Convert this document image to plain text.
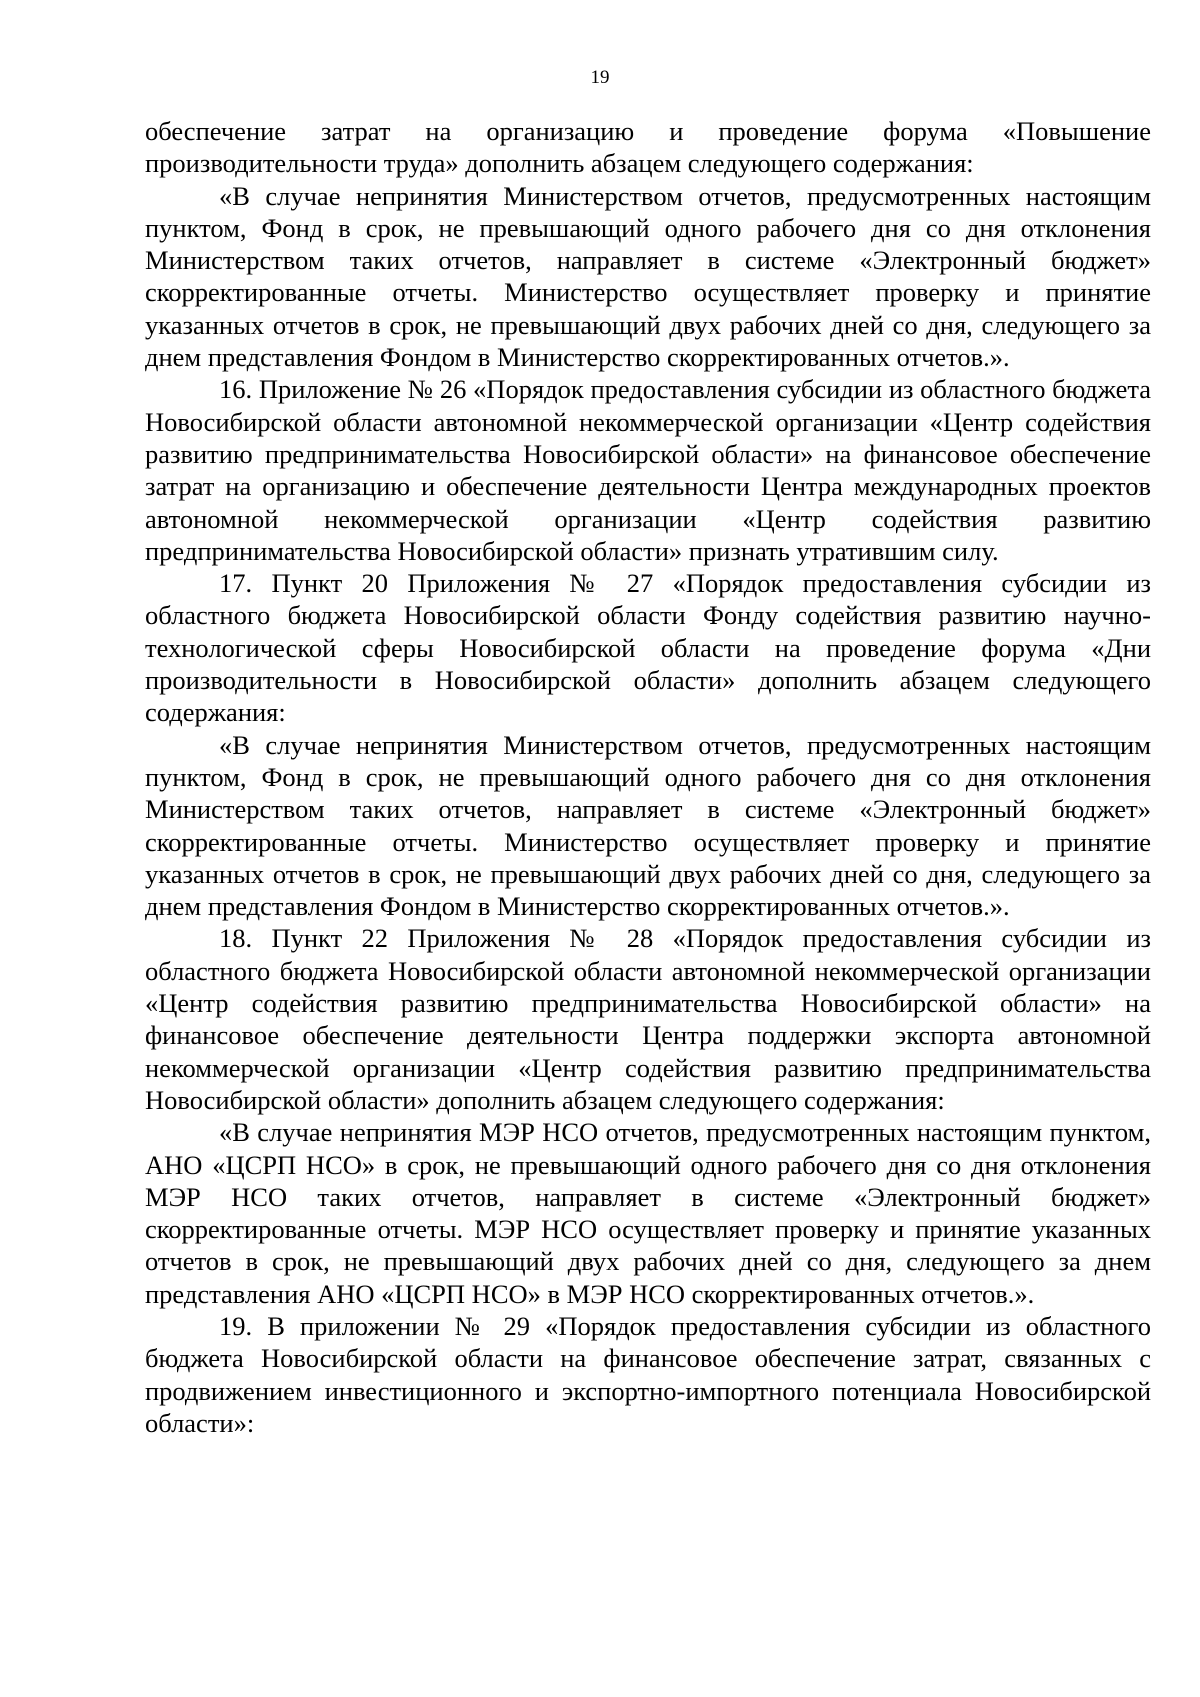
19

обеспечение затрат на организацию и проведение форума «Повышение производительности труда» дополнить абзацем следующего содержания:

«В случае непринятия Министерством отчетов, предусмотренных настоящим пунктом, Фонд в срок, не превышающий одного рабочего дня со дня отклонения Министерством таких отчетов, направляет в системе «Электронный бюджет» скорректированные отчеты. Министерство осуществляет проверку и принятие указанных отчетов в срок, не превышающий двух рабочих дней со дня, следующего за днем представления Фондом в Министерство скорректированных отчетов.».

16. Приложение № 26 «Порядок предоставления субсидии из областного бюджета Новосибирской области автономной некоммерческой организации «Центр содействия развитию предпринимательства Новосибирской области» на финансовое обеспечение затрат на организацию и обеспечение деятельности Центра международных проектов автономной некоммерческой организации «Центр содействия развитию предпринимательства Новосибирской области» признать утратившим силу.

17. Пункт 20 Приложения № 27 «Порядок предоставления субсидии из областного бюджета Новосибирской области Фонду содействия развитию научно-технологической сферы Новосибирской области на проведение форума «Дни производительности в Новосибирской области» дополнить абзацем следующего содержания:

«В случае непринятия Министерством отчетов, предусмотренных настоящим пунктом, Фонд в срок, не превышающий одного рабочего дня со дня отклонения Министерством таких отчетов, направляет в системе «Электронный бюджет» скорректированные отчеты. Министерство осуществляет проверку и принятие указанных отчетов в срок, не превышающий двух рабочих дней со дня, следующего за днем представления Фондом в Министерство скорректированных отчетов.».

18. Пункт 22 Приложения № 28 «Порядок предоставления субсидии из областного бюджета Новосибирской области автономной некоммерческой организации «Центр содействия развитию предпринимательства Новосибирской области» на финансовое обеспечение деятельности Центра поддержки экспорта автономной некоммерческой организации «Центр содействия развитию предпринимательства Новосибирской области» дополнить абзацем следующего содержания:

«В случае непринятия МЭР НСО отчетов, предусмотренных настоящим пунктом, АНО «ЦСРП НСО» в срок, не превышающий одного рабочего дня со дня отклонения МЭР НСО таких отчетов, направляет в системе «Электронный бюджет» скорректированные отчеты. МЭР НСО осуществляет проверку и принятие указанных отчетов в срок, не превышающий двух рабочих дней со дня, следующего за днем представления АНО «ЦСРП НСО» в МЭР НСО скорректированных отчетов.».

19. В приложении № 29 «Порядок предоставления субсидии из областного бюджета Новосибирской области на финансовое обеспечение затрат, связанных с продвижением инвестиционного и экспортно-импортного потенциала Новосибирской области»:
